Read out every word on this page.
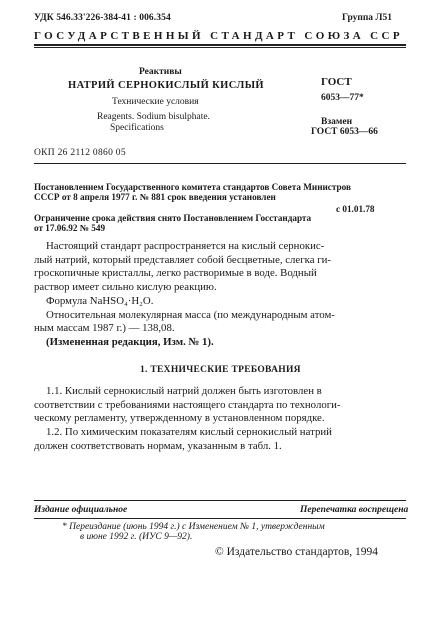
УДК 546.33'226-384-41 : 006.354	Группа Л51
ГОСУДАРСТВЕННЫЙ СТАНДАРТ СОЮЗА ССР
Реактивы
НАТРИЙ СЕРНОКИСЛЫЙ КИСЛЫЙ
Технические условия
Reagents. Sodium bisulphate.
Specifications
ГОСТ
6053—77*
Взамен
ГОСТ 6053—66
ОКП 26 2112 0860 05
Постановлением Государственного комитета стандартов Совета Министров
СССР от 8 апреля 1977 г. № 881 срок введения установлен
с 01.01.78
Ограничение срока действия снято Постановлением Госстандарта
от 17.06.92 № 549
Настоящий стандарт распространяется на кислый сернокис-
лый натрий, который представляет собой бесцветные, слегка ги-
гроскопичные кристаллы, легко растворимые в воде. Водный
раствор имеет сильно кислую реакцию.
Формула NaHSO₄·H₂O.
Относительная молекулярная масса (по международным атом-
ным массам 1987 г.) — 138,08.
(Измененная редакция, Изм. № 1).
1. ТЕХНИЧЕСКИЕ ТРЕБОВАНИЯ
1.1. Кислый сернокислый натрий должен быть изготовлен в
соответствии с требованиями настоящего стандарта по технологи-
ческому регламенту, утвержденному в установленном порядке.
1.2. По химическим показателям кислый сернокислый натрий
должен соответствовать нормам, указанным в табл. 1.
Издание официальное	Перепечатка воспрещена
* Переиздание (июнь 1994 г.) с Изменением № 1, утвержденным
в июне 1992 г. (ИУС 9—92).
© Издательство стандартов, 1994
